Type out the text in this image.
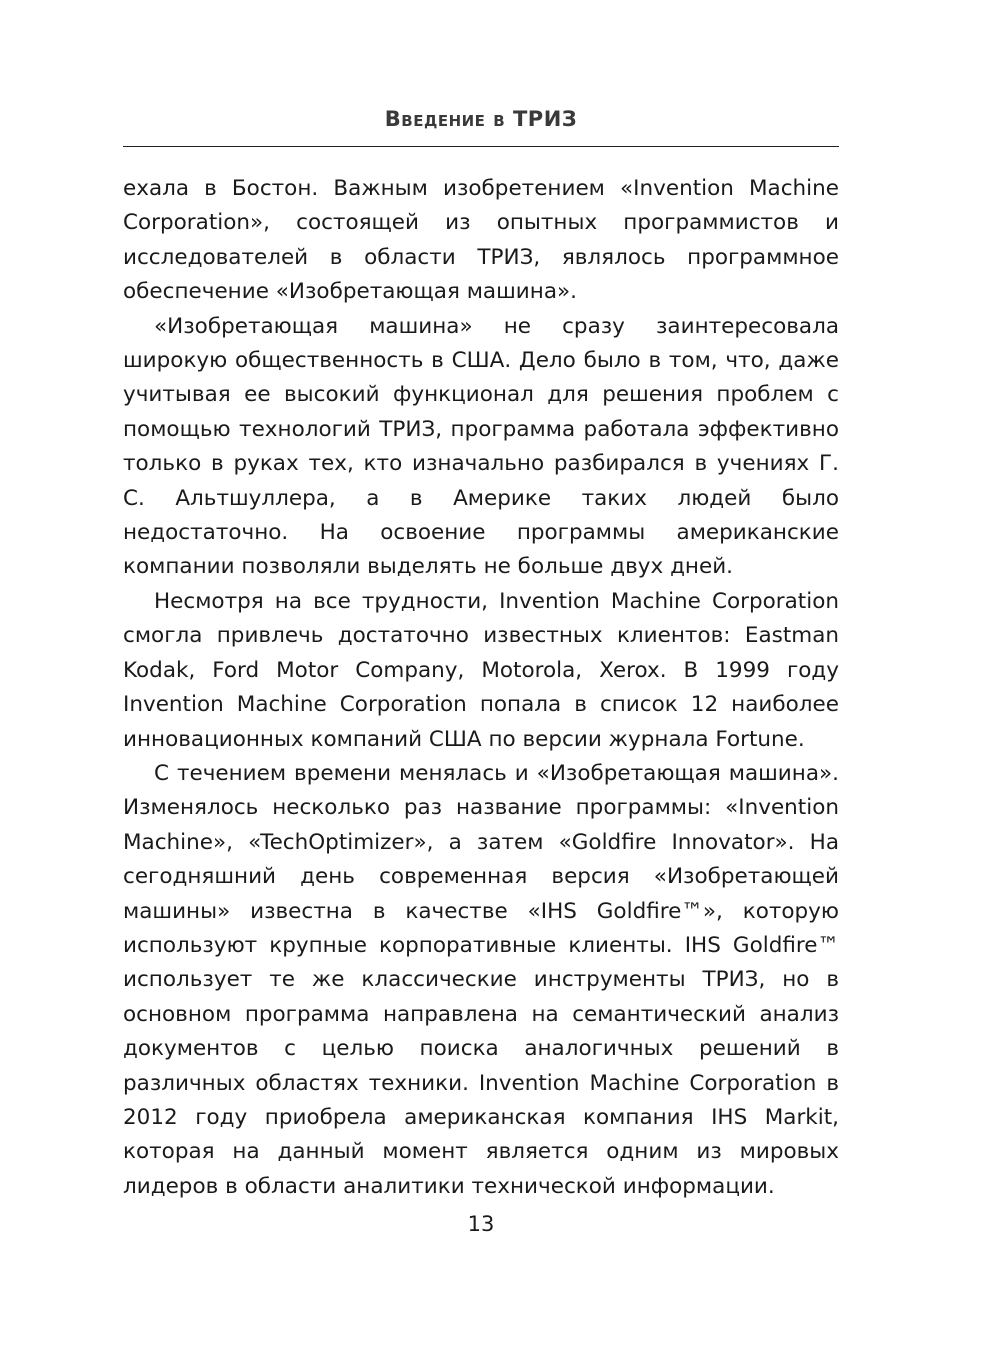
Введение в ТРИЗ

ехала в Бостон. Важным изобретением «Invention Machine Corporation», состоящей из опытных программистов и исследователей в области ТРИЗ, являлось программное обеспечение «Изобретающая машина».

«Изобретающая машина» не сразу заинтересовала широкую общественность в США. Дело было в том, что, даже учитывая ее высокий функционал для решения проблем с помощью технологий ТРИЗ, программа работала эффективно только в руках тех, кто изначально разбирался в учениях Г. С. Альтшуллера, а в Америке таких людей было недостаточно. На освоение программы американские компании позволяли выделять не больше двух дней.

Несмотря на все трудности, Invention Machine Corporation смогла привлечь достаточно известных клиентов: Eastman Kodak, Ford Motor Company, Motorola, Xerox. В 1999 году Invention Machine Corporation попала в список 12 наиболее инновационных компаний США по версии журнала Fortune.

С течением времени менялась и «Изобретающая машина». Изменялось несколько раз название программы: «Invention Machine», «TechOptimizer», а затем «Goldfire Innovator». На сегодняшний день современная версия «Изобретающей машины» известна в качестве «IHS Goldfire™», которую используют крупные корпоративные клиенты. IHS Goldfire™ использует те же классические инструменты ТРИЗ, но в основном программа направлена на семантический анализ документов с целью поиска аналогичных решений в различных областях техники. Invention Machine Corporation в 2012 году приобрела американская компания IHS Markit, которая на данный момент является одним из мировых лидеров в области аналитики технической информации.

13
